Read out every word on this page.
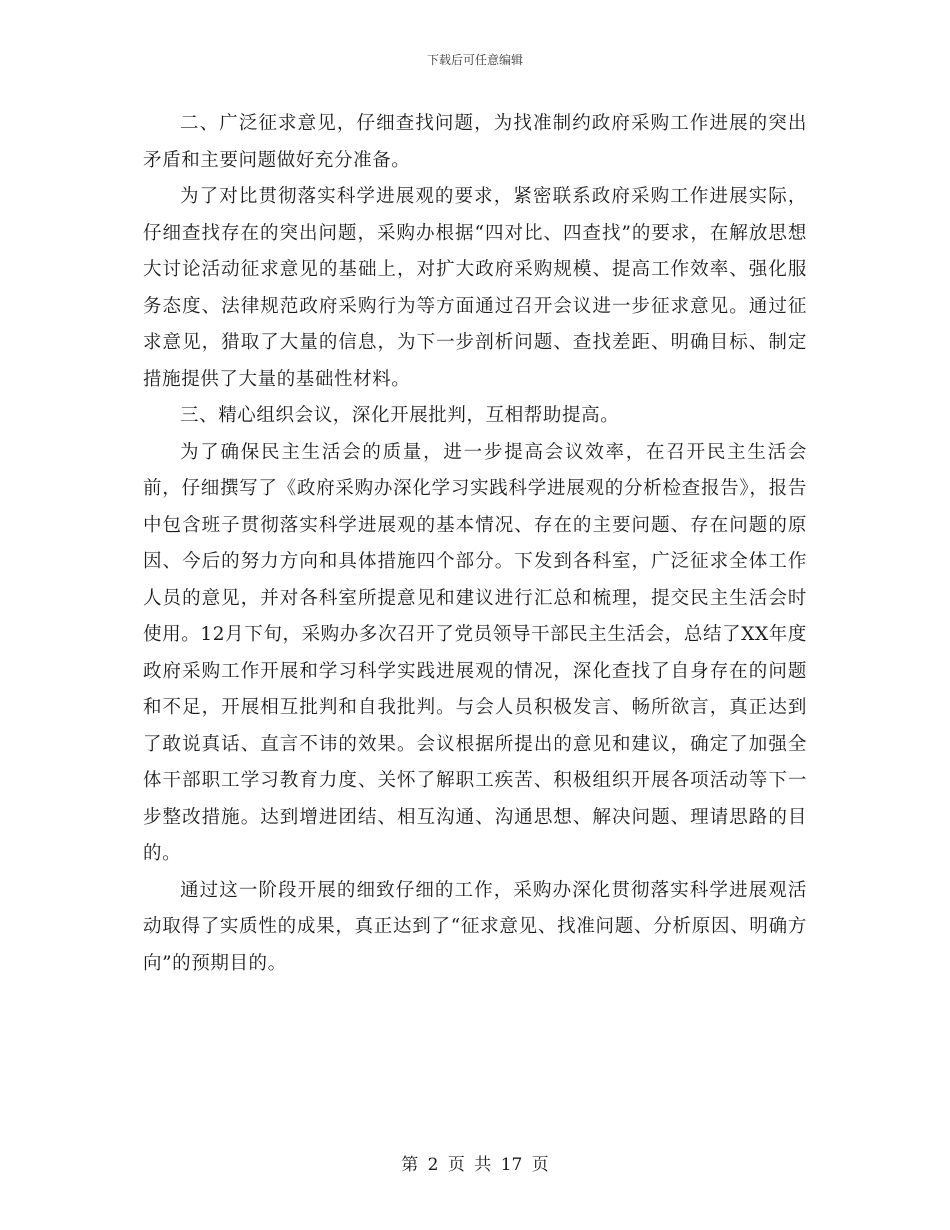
下载后可任意编辑

二、广泛征求意见，仔细查找问题，为找准制约政府采购工作进展的突出矛盾和主要问题做好充分准备。

为了对比贯彻落实科学进展观的要求，紧密联系政府采购工作进展实际，仔细查找存在的突出问题，采购办根据“四对比、四查找”的要求，在解放思想大讨论活动征求意见的基础上，对扩大政府采购规模、提高工作效率、强化服务态度、法律规范政府采购行为等方面通过召开会议进一步征求意见。通过征求意见，猎取了大量的信息，为下一步剖析问题、查找差距、明确目标、制定措施提供了大量的基础性材料。

三、精心组织会议，深化开展批判，互相帮助提高。

为了确保民主生活会的质量，进一步提高会议效率，在召开民主生活会前，仔细撰写了《政府采购办深化学习实践科学进展观的分析检查报告》，报告中包含班子贯彻落实科学进展观的基本情况、存在的主要问题、存在问题的原因、今后的努力方向和具体措施四个部分。下发到各科室，广泛征求全体工作人员的意见，并对各科室所提意见和建议进行汇总和梳理，提交民主生活会时使用。12月下旬，采购办多次召开了党员领导干部民主生活会，总结了XX年度政府采购工作开展和学习科学实践进展观的情况，深化查找了自身存在的问题和不足，开展相互批判和自我批判。与会人员积极发言、畅所欲言，真正达到了敢说真话、直言不讳的效果。会议根据所提出的意见和建议，确定了加强全体干部职工学习教育力度、关怀了解职工疾苦、积极组织开展各项活动等下一步整改措施。达到增进团结、相互沟通、沟通思想、解决问题、理请思路的目的。

通过这一阶段开展的细致仔细的工作，采购办深化贯彻落实科学进展观活动取得了实质性的成果，真正达到了“征求意见、找准问题、分析原因、明确方向”的预期目的。

第 2 页 共 17 页
